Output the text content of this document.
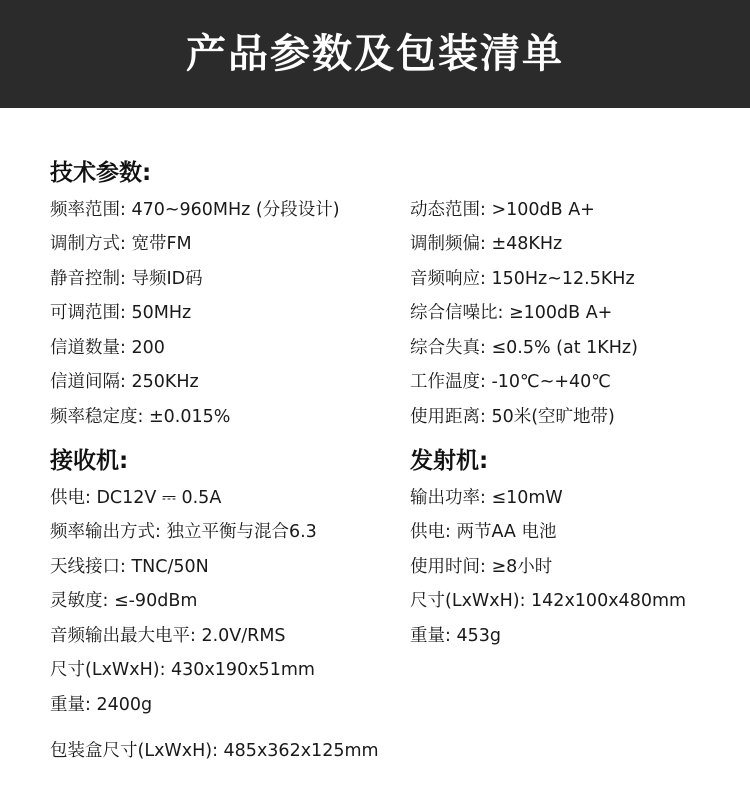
产品参数及包装清单
技术参数:
频率范围: 470~960MHz (分段设计)
调制方式: 宽带FM
静音控制: 导频ID码
可调范围: 50MHz
信道数量: 200
信道间隔: 250KHz
频率稳定度: ±0.015%
接收机:
供电: DC12V ⎓ 0.5A
频率输出方式: 独立平衡与混合6.3
天线接口: TNC/50N
灵敏度: ≤-90dBm
音频输出最大电平: 2.0V/RMS
尺寸(LxWxH): 430x190x51mm
重量: 2400g

动态范围: >100dB A+
调制频偏: ±48KHz
音频响应: 150Hz~12.5KHz
综合信噪比: ≥100dB A+
综合失真: ≤0.5% (at 1KHz)
工作温度: -10℃~+40℃
使用距离: 50米(空旷地带)
发射机:
输出功率: ≤10mW
供电: 两节AA 电池
使用时间: ≥8小时
尺寸(LxWxH): 142x100x480mm
重量: 453g
包装盒尺寸(LxWxH): 485x362x125mm
